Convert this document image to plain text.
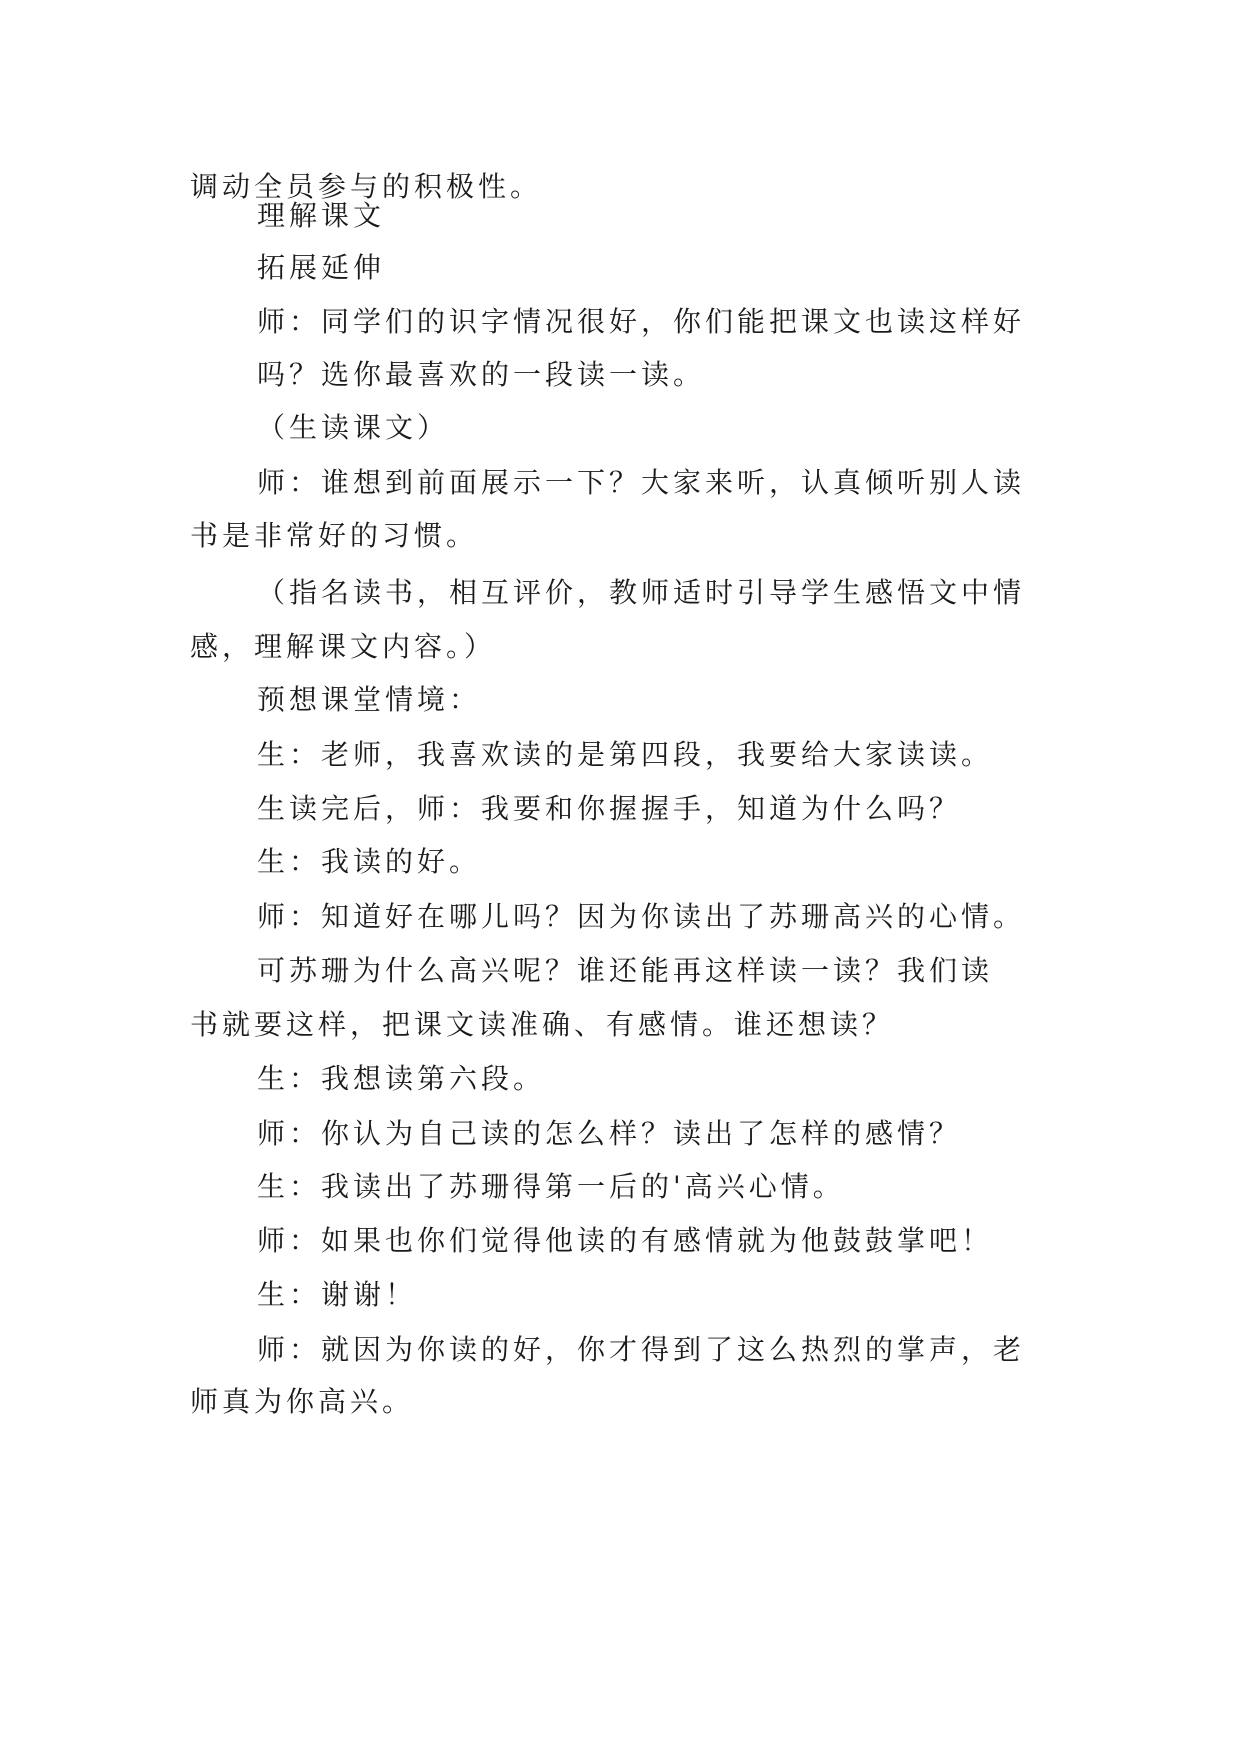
调动全员参与的积极性。
理解课文
拓展延伸
师：同学们的识字情况很好，你们能把课文也读这样好
吗？选你最喜欢的一段读一读。
（生读课文）
师：谁想到前面展示一下？大家来听，认真倾听别人读
书是非常好的习惯。
（指名读书，相互评价，教师适时引导学生感悟文中情
感，理解课文内容。）
预想课堂情境：
生：老师，我喜欢读的是第四段，我要给大家读读。
生读完后，师：我要和你握握手，知道为什么吗？
生：我读的好。
师：知道好在哪儿吗？因为你读出了苏珊高兴的心情。
可苏珊为什么高兴呢？谁还能再这样读一读？我们读
书就要这样，把课文读准确、有感情。谁还想读？
生：我想读第六段。
师：你认为自己读的怎么样？读出了怎样的感情？
生：我读出了苏珊得第一后的'高兴心情。
师：如果也你们觉得他读的有感情就为他鼓鼓掌吧！
生：谢谢！
师：就因为你读的好，你才得到了这么热烈的掌声，老
师真为你高兴。
